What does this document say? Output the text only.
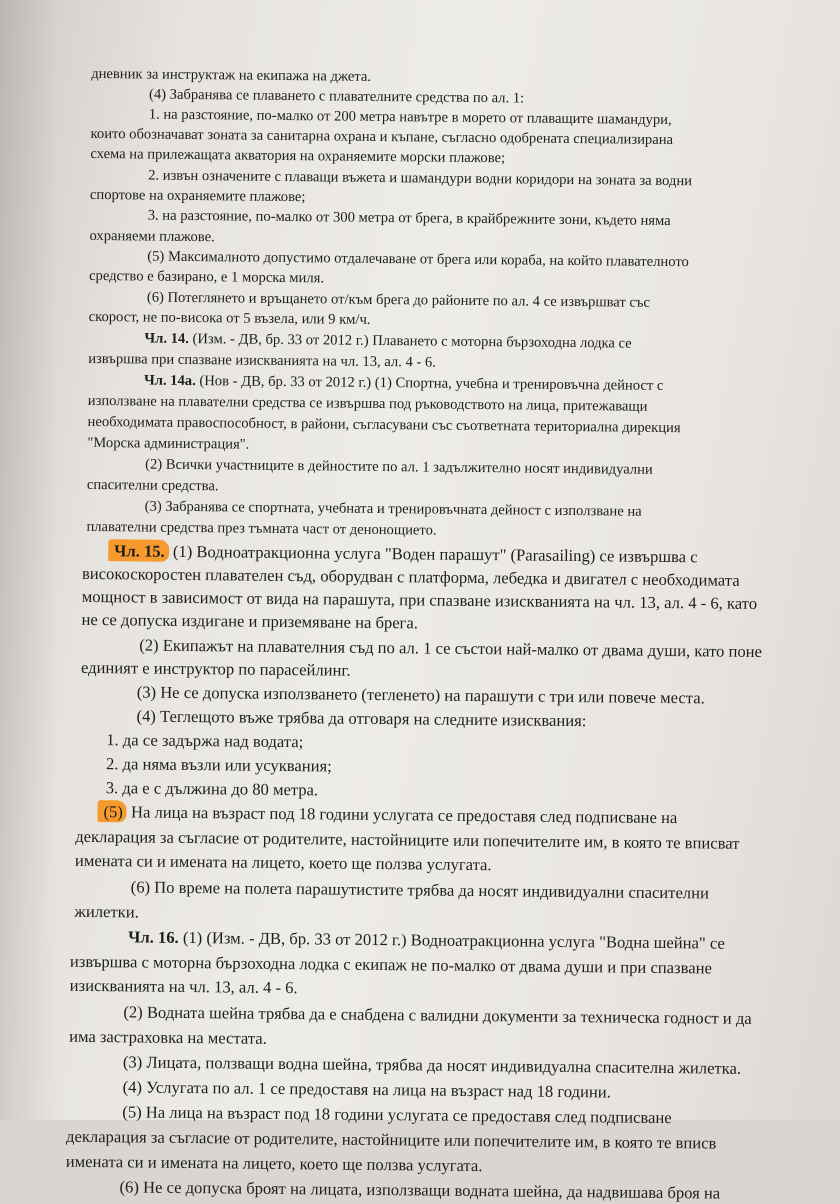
дневник за инструктаж на екипажа на джета.
(4) Забранява се плаването с плавателните средства по ал. 1:
1. на разстояние, по-малко от 200 метра навътре в морето от плаващите шамандури,
които обозначават зоната за санитарна охрана и къпане, съгласно одобрената специализирана
схема на прилежащата акватория на охраняемите морски плажове;
2. извън означените с плаващи въжета и шамандури водни коридори на зоната за водни
спортове на охраняемите плажове;
3. на разстояние, по-малко от 300 метра от брега, в крайбрежните зони, където няма
охраняеми плажове.
(5) Максималното допустимо отдалечаване от брега или кораба, на който плавателното
средство е базирано, е 1 морска миля.
(6) Потеглянето и връщането от/към брега до районите по ал. 4 се извършват със
скорост, не по-висока от 5 възела, или 9 км/ч.
Чл. 14. (Изм. - ДВ, бр. 33 от 2012 г.) Плаването с моторна бързоходна лодка се
извършва при спазване изискванията на чл. 13, ал. 4 - 6.
Чл. 14а. (Нов - ДВ, бр. 33 от 2012 г.) (1) Спортна, учебна и тренировъчна дейност с
използване на плавателни средства се извършва под ръководството на лица, притежаващи
необходимата правоспособност, в райони, съгласувани със съответната териториална дирекция
"Морска администрация".
(2) Всички участниците в дейностите по ал. 1 задължително носят индивидуални
спасителни средства.
(3) Забранява се спортната, учебната и тренировъчната дейност с използване на
плавателни средства през тъмната част от денонощието.
Чл. 15. (1) Водноатракционна услуга "Воден парашут" (Parasailing) се извършва с
високоскоростен плавателен съд, оборудван с платформа, лебедка и двигател с необходимата
мощност в зависимост от вида на парашута, при спазване изискванията на чл. 13, ал. 4 - 6, като
не се допуска издигане и приземяване на брега.
(2) Екипажът на плавателния съд по ал. 1 се състои най-малко от двама души, като поне
единият е инструктор по парасейлинг.
(3) Не се допуска използването (тегленето) на парашути с три или повече места.
(4) Теглещото въже трябва да отговаря на следните изисквания:
1. да се задържа над водата;
2. да няма възли или усуквания;
3. да е с дължина до 80 метра.
(5) На лица на възраст под 18 години услугата се предоставя след подписване на
декларация за съгласие от родителите, настойниците или попечителите им, в която те вписват
имената си и имената на лицето, което ще ползва услугата.
(6) По време на полета парашутистите трябва да носят индивидуални спасителни
жилетки.
Чл. 16. (1) (Изм. - ДВ, бр. 33 от 2012 г.) Водноатракционна услуга "Водна шейна" се
извършва с моторна бързоходна лодка с екипаж не по-малко от двама души и при спазване
изискванията на чл. 13, ал. 4 - 6.
(2) Водната шейна трябва да е снабдена с валидни документи за техническа годност и да
има застраховка на местата.
(3) Лицата, ползващи водна шейна, трябва да носят индивидуална спасителна жилетка.
(4) Услугата по ал. 1 се предоставя на лица на възраст над 18 години.
(5) На лица на възраст под 18 години услугата се предоставя след подписване
декларация за съгласие от родителите, настойниците или попечителите им, в която те вписв
имената си и имената на лицето, което ще ползва услугата.
(6) Не се допуска броят на лицата, използващи водната шейна, да надвишава броя на
